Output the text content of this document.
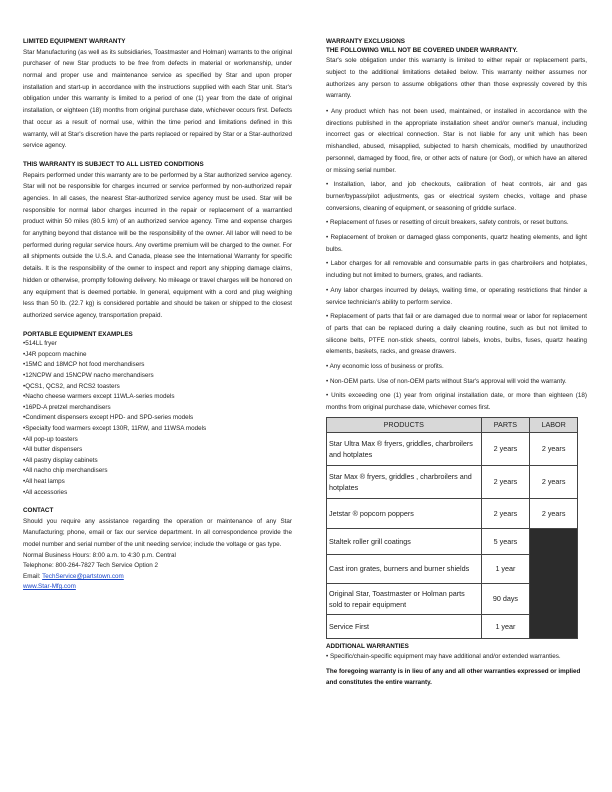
LIMITED EQUIPMENT WARRANTY

Star Manufacturing (as well as its subsidiaries, Toastmaster and Holman) warrants to the original purchaser of new Star products to be free from defects in material or workmanship, under normal and proper use and maintenance service as specified by Star and upon proper installation and start-up in accordance with the instructions supplied with each Star unit. Star's obligation under this warranty is limited to a period of one (1) year from the date of original installation, or eighteen (18) months from original purchase date, whichever occurs first. Defects that occur as a result of normal use, within the time period and limitations defined in this warranty, will at Star's discretion have the parts replaced or repaired by Star or a Star-authorized service agency.

THIS WARRANTY IS SUBJECT TO ALL LISTED CONDITIONS

Repairs performed under this warranty are to be performed by a Star authorized service agency. Star will not be responsible for charges incurred or service performed by non-authorized repair agencies. In all cases, the nearest Star-authorized service agency must be used. Star will be responsible for normal labor charges incurred in the repair or replacement of a warrantied product within 50 miles (80.5 km) of an authorized service agency. Time and expense charges for anything beyond that distance will be the responsibility of the owner. All labor will need to be performed during regular service hours. Any overtime premium will be charged to the owner. For all shipments outside the U.S.A. and Canada, please see the International Warranty for specific details. It is the responsibility of the owner to inspect and report any shipping damage claims, hidden or otherwise, promptly following delivery. No mileage or travel charges will be honored on any equipment that is deemed portable. In general, equipment with a cord and plug weighing less than 50 lb. (22.7 kg) is considered portable and should be taken or shipped to the closest authorized service agency, transportation prepaid.

PORTABLE EQUIPMENT EXAMPLES

• 514LL fryer
• J4R popcorn machine
• 15MC and 18MCP hot food merchandisers
• 12NCPW and 15NCPW nacho merchandisers
• QCS1, QCS2, and RCS2 toasters
• Nacho cheese warmers except 11WLA-series models
• 16PD-A pretzel merchandisers
• Condiment dispensers except HPD- and SPD-series models
• Specialty food warmers except 130R, 11RW, and 11WSA models
• All pop-up toasters
• All butter dispensers
• All pastry display cabinets
• All nacho chip merchandisers
• All heat lamps
• All accessories

CONTACT

Should you require any assistance regarding the operation or maintenance of any Star Manufacturing; phone, email or fax our service department. In all correspondence provide the model number and serial number of the unit needing service; include the voltage or gas type.

Normal Business Hours: 8:00 a.m. to 4:30 p.m. Central
Telephone: 800-264-7827 Tech Service Option 2
Email: TechService@partstown.com
www.Star-Mfg.com

WARRANTY EXCLUSIONS

THE FOLLOWING WILL NOT BE COVERED UNDER WARRANTY.

Star's sole obligation under this warranty is limited to either repair or replacement parts, subject to the additional limitations detailed below. This warranty neither assumes nor authorizes any person to assume obligations other than those expressly covered by this warranty.

• Any product which has not been used, maintained, or installed in accordance with the directions published in the appropriate installation sheet and/or owner's manual, including incorrect gas or electrical connection. Star is not liable for any unit which has been mishandled, abused, misapplied, subjected to harsh chemicals, modified by unauthorized personnel, damaged by flood, fire, or other acts of nature (or God), or which have an altered or missing serial number.
• Installation, labor, and job checkouts, calibration of heat controls, air and gas burner/bypass/pilot adjustments, gas or electrical system checks, voltage and phase conversions, cleaning of equipment, or seasoning of griddle surface.
• Replacement of fuses or resetting of circuit breakers, safety controls, or reset buttons.
• Replacement of broken or damaged glass components, quartz heating elements, and light bulbs.
• Labor charges for all removable and consumable parts in gas charbroilers and hotplates, including but not limited to burners, grates, and radiants.
• Any labor charges incurred by delays, waiting time, or operating restrictions that hinder a service technician's ability to perform service.
• Replacement of parts that fail or are damaged due to normal wear or labor for replacement of parts that can be replaced during a daily cleaning routine, such as but not limited to silicone belts, PTFE non-stick sheets, control labels, knobs, bulbs, fuses, quartz heating elements, baskets, racks, and grease drawers.
• Any economic loss of business or profits.
• Non-OEM parts. Use of non-OEM parts without Star's approval will void the warranty.
• Units exceeding one (1) year from original installation date, or more than eighteen (18) months from original purchase date, whichever comes first.
PRODUCTS	PARTS	LABOR
Star Ultra Max ® fryers, griddles, charbroilers and hotplates	2 years	2 years
Star Max ® fryers, griddles , charbroilers and hotplates	2 years	2 years
Jetstar ® popcorn poppers	2 years	2 years
Staltek roller grill coatings	5 years	
Cast iron grates, burners and burner shields	1 year	
Original Star, Toastmaster or Holman parts sold to repair equipment	90 days	
Service First	1 year	

ADDITIONAL WARRANTIES

• Specific/chain-specific equipment may have additional and/or extended warranties.

The foregoing warranty is in lieu of any and all other warranties expressed or implied and constitutes the entire warranty.
